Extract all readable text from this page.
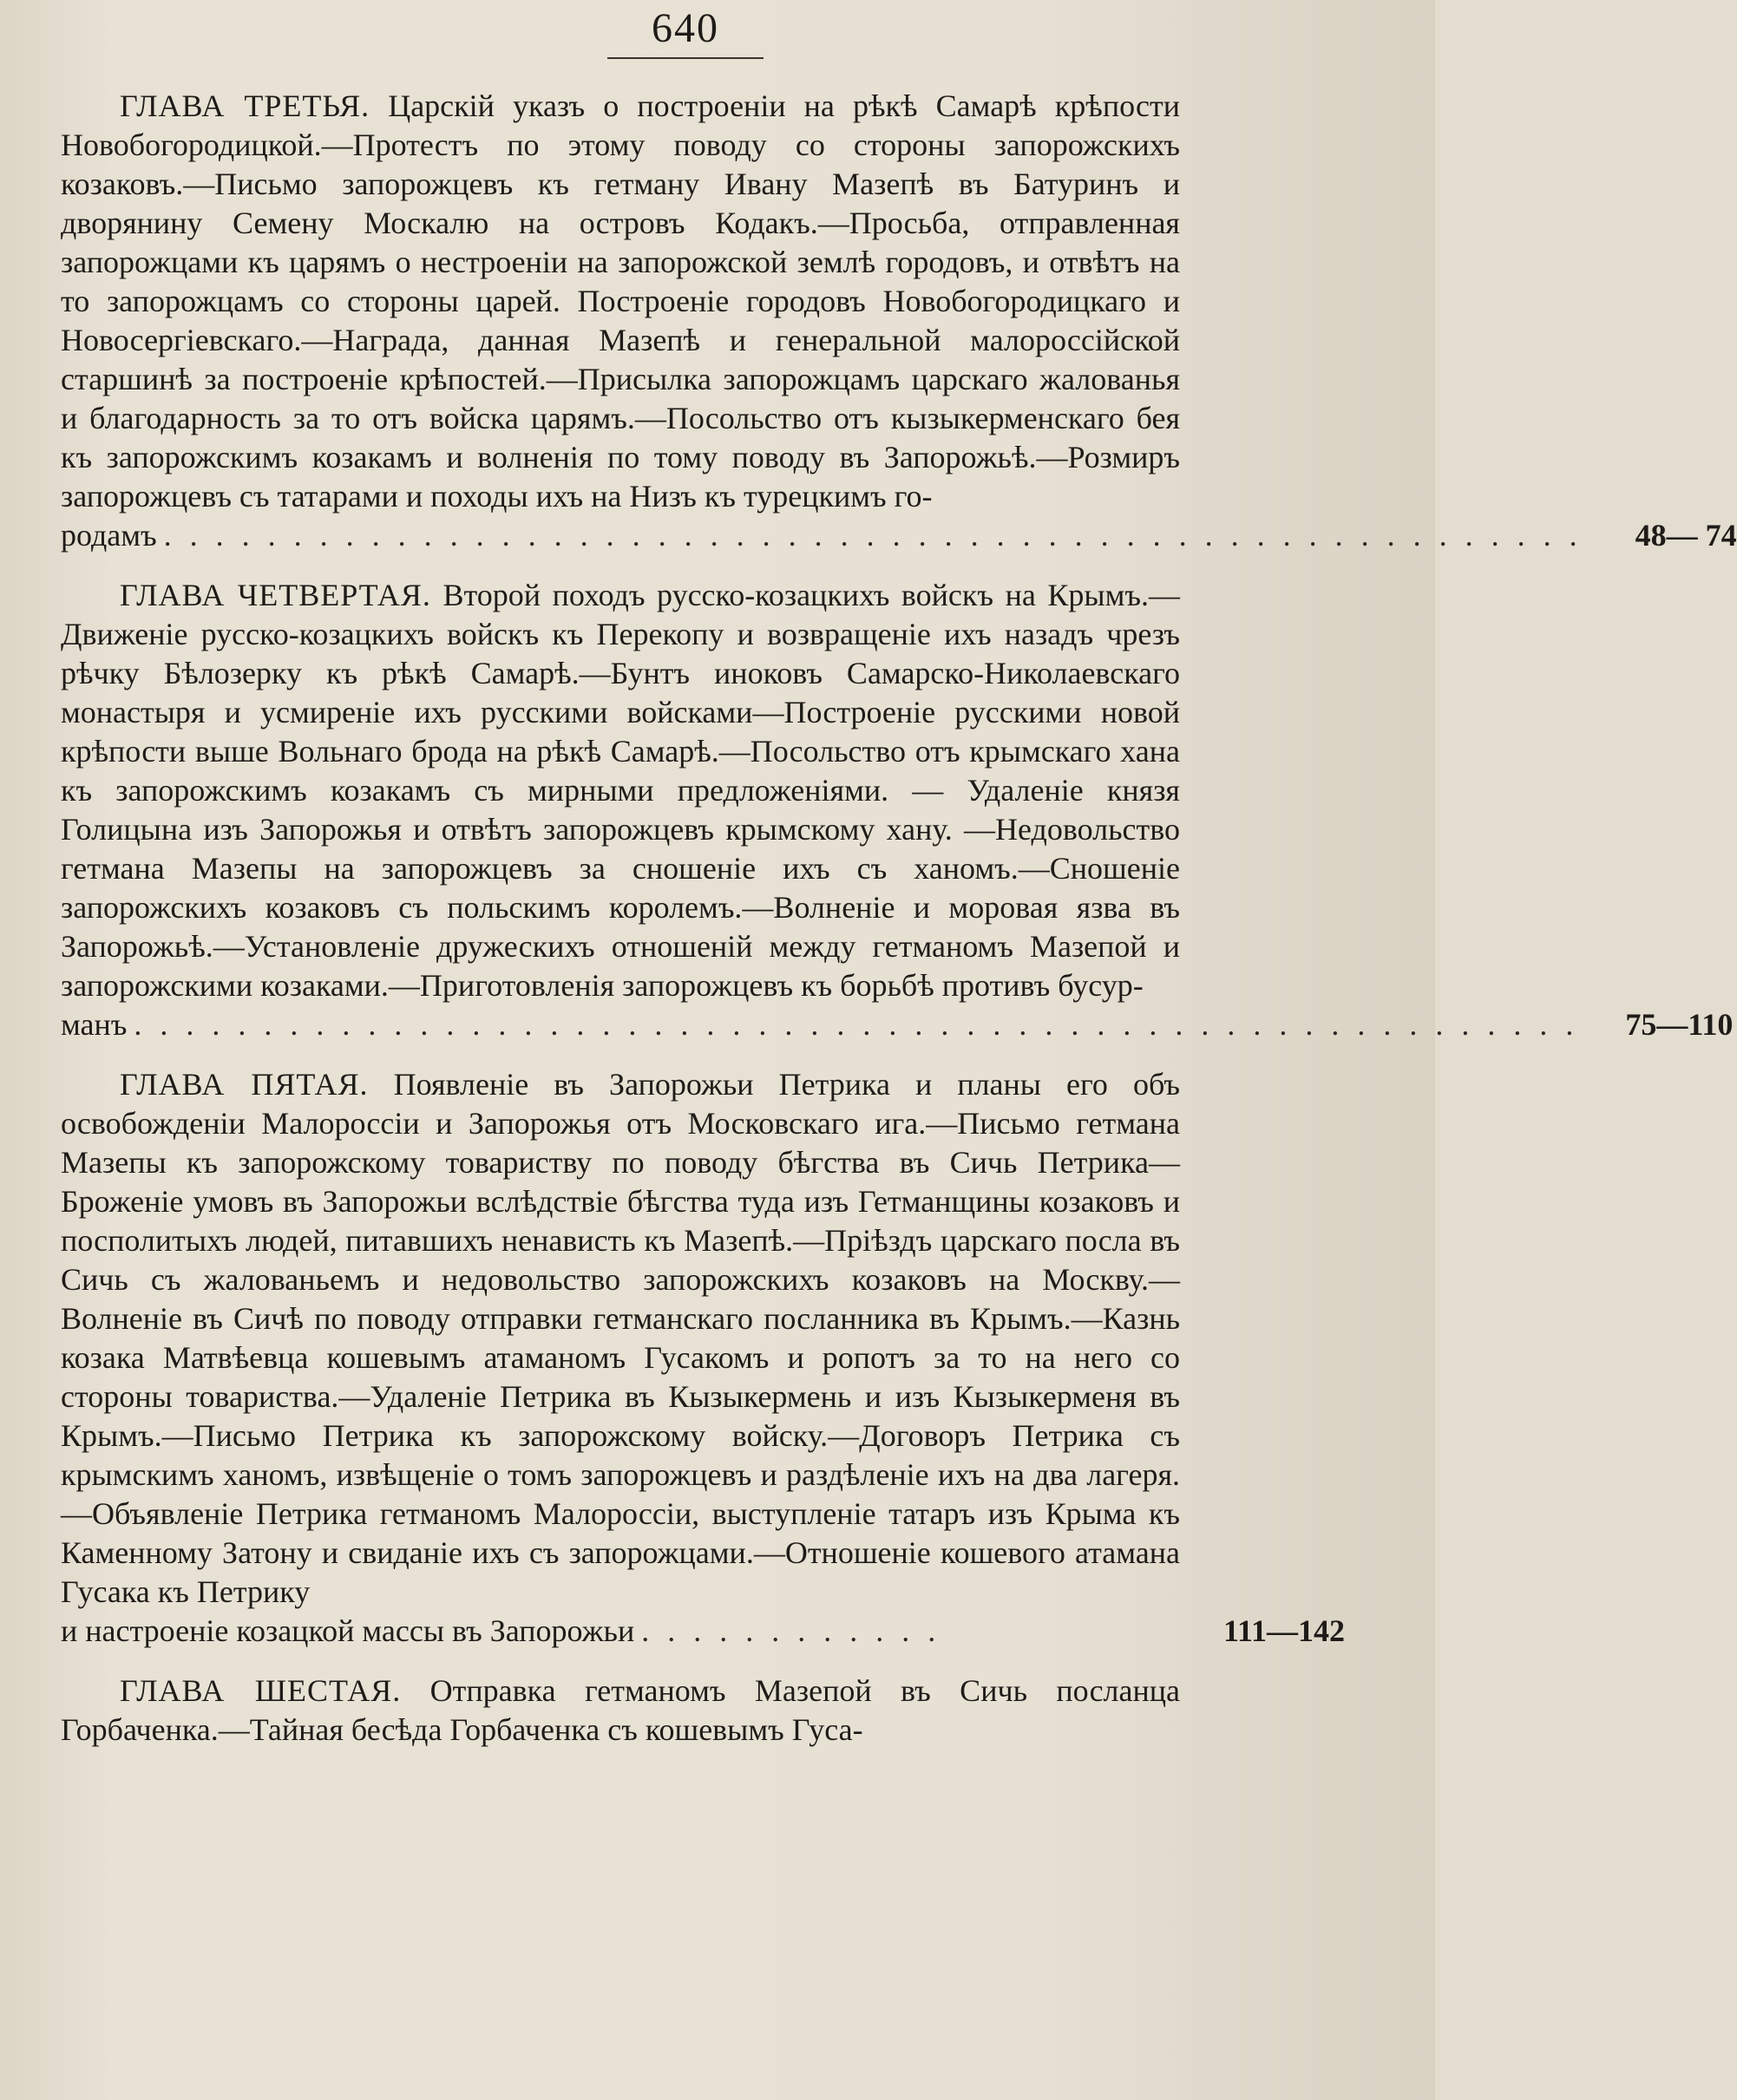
640
ГЛАВА ТРЕТЬЯ. Царскій указъ о построеніи на рѣкѣ Самарѣ крѣпости Новобогородицкой.—Протестъ по этому поводу со стороны запорожскихъ козаковъ.—Письмо запорожцевъ къ гетману Ивану Мазепѣ въ Батуринъ и дворянину Семену Москалю на островъ Кодакъ.—Просьба, отправленная запорожцами къ царямъ о нестроеніи на запорожской землѣ городовъ, и отвѣтъ на то запорожцамъ со стороны царей. Построеніе городовъ Новобогородицкаго и Новосергіевскаго.—Награда, данная Мазепѣ и генеральной малороссійской старшинѣ за построеніе крѣпостей.—Присылка запорожцамъ царскаго жалованья и благодарность за то отъ войска царямъ.—Посольство отъ кызыкерменскаго бея къ запорожскимъ козакамъ и волненія по тому поводу въ Запорожьѣ.—Розмиръ запорожцевъ съ татарами и походы ихъ на Низъ къ турецкимъ го-
родамъ . . . . . . . . . . . . . . . . . . . . . . . . . . . . . . . . . . . . . . . . . . . . . . . . . . . . . . .	48— 74
ГЛАВА ЧЕТВЕРТАЯ. Второй походъ русско-козацкихъ войскъ на Крымъ.—Движеніе русско-козацкихъ войскъ къ Перекопу и возвращеніе ихъ назадъ чрезъ рѣчку Бѣлозерку къ рѣкѣ Самарѣ.—Бунтъ иноковъ Самарско-Николаевскаго монастыря и усмиреніе ихъ русскими войсками—Построеніе русскими новой крѣпости выше Вольнаго брода на рѣкѣ Самарѣ.—Посольство отъ крымскаго хана къ запорожскимъ козакамъ съ мирными предложеніями. — Удаленіе князя Голицына изъ Запорожья и отвѣтъ запорожцевъ крымскому хану. —Недовольство гетмана Мазепы на запорожцевъ за сношеніе ихъ съ ханомъ.—Сношеніе запорожскихъ козаковъ съ польскимъ королемъ.—Волненіе и моровая язва въ Запорожьѣ.—Установленіе дружескихъ отношеній между гетманомъ Мазепой и запорожскими козаками.—Приготовленія запорожцевъ къ борьбѣ противъ бусур-
манъ . . . . . . . . . . . . . . . . . . . . . . . . . . . . . . . . . . . . . . . . . . . . . . . . . . . . . . . .	75—110
ГЛАВА ПЯТАЯ. Появленіе въ Запорожьи Петрика и планы его объ освобожденіи Малороссіи и Запорожья отъ Московскаго ига.—Письмо гетмана Мазепы къ запорожскому товариству по поводу бѣгства въ Сичь Петрика—Броженіе умовъ въ Запорожьи вслѣдствіе бѣгства туда изъ Гетманщины козаковъ и посполитыхъ людей, питавшихъ ненависть къ Мазепѣ.—Пріѣздъ царскаго посла въ Сичь съ жалованьемъ и недовольство запорожскихъ козаковъ на Москву.—Волненіе въ Сичѣ по поводу отправки гетманскаго посланника въ Крымъ.—Казнь козака Матвѣевца кошевымъ атаманомъ Гусакомъ и ропотъ за то на него со стороны товариства.—Удаленіе Петрика въ Кызыкермень и изъ Кызыкерменя въ Крымъ.—Письмо Петрика къ запорожскому войску.—Договоръ Петрика съ крымскимъ ханомъ, извѣщеніе о томъ запорожцевъ и раздѣленіе ихъ на два лагеря.—Объявленіе Петрика гетманомъ Малороссіи, выступленіе татаръ изъ Крыма къ Каменному Затону и свиданіе ихъ съ запорожцами.—Отношеніе кошевого атамана Гусака къ Петрику
и настроеніе козацкой массы въ Запорожьи . . . . . . . . . . . .	111—142
ГЛАВА ШЕСТАЯ. Отправка гетманомъ Мазепой въ Сичь посланца Горбаченка.—Тайная бесѣда Горбаченка съ кошевымъ Гуса-
